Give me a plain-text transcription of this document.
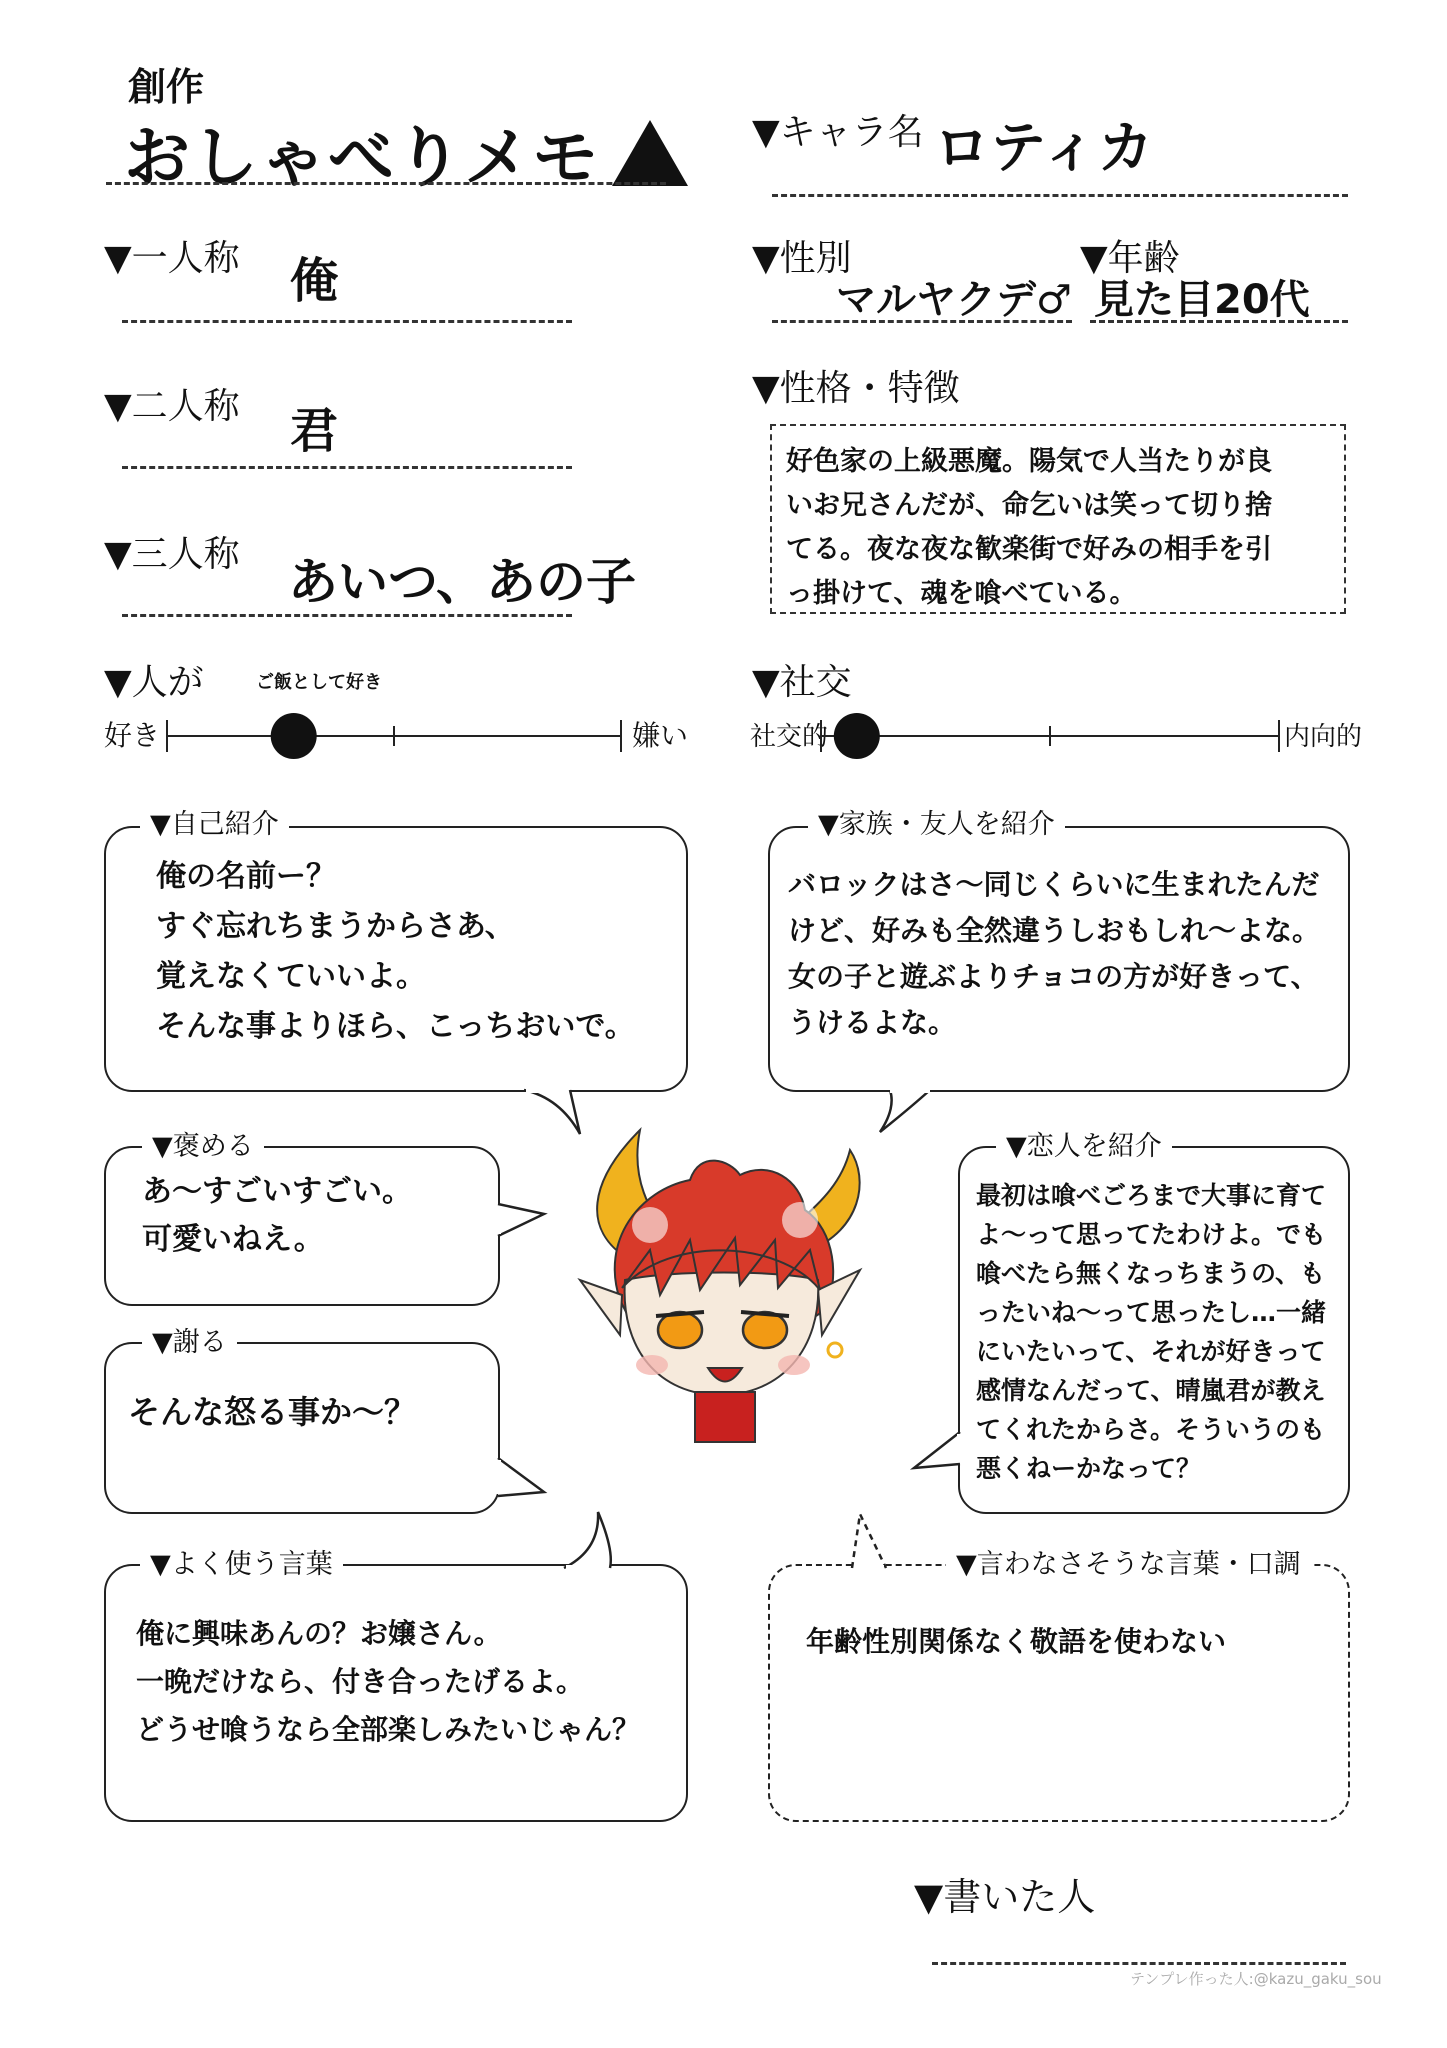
創作
おしゃべりメモ	▼キャラ名 ロティカ
▼一人称 俺
▼二人称 君
▼三人称 あいつ、あの子
▼性別
マルヤクデ♂
▼年齢
見た目20代
▼性格・特徴
好色家の上級悪魔。陽気で人当たりが良
いお兄さんだが、命乞いは笑って切り捨
てる。夜な夜な歓楽街で好みの相手を引
っ掛けて、魂を喰べている。
▼人が	ご飯として好き
好き	嫌い
▼社交
社交的	内向的
▼自己紹介
俺の名前ー？
すぐ忘れちまうからさあ、
覚えなくていいよ。
そんな事よりほら、こっちおいで。
▼家族・友人を紹介
バロックはさ～同じくらいに生まれたんだ
けど、好みも全然違うしおもしれ～よな。
女の子と遊ぶよりチョコの方が好きって、
うけるよな。
▼褒める
あ～すごいすごい。
可愛いねえ。
▼謝る
そんな怒る事か～？
▼恋人を紹介
最初は喰べごろまで大事に育て
よ～って思ってたわけよ。でも
喰べたら無くなっちまうの、も
ったいね～って思ったし…一緒
にいたいって、それが好きって
感情なんだって、晴嵐君が教え
てくれたからさ。そういうのも
悪くねーかなって？
▼よく使う言葉
俺に興味あんの？お嬢さん。
一晩だけなら、付き合ったげるよ。
どうせ喰うなら全部楽しみたいじゃん？
▼言わなさそうな言葉・口調
年齢性別関係なく敬語を使わない
▼書いた人
テンプレ作った人:@kazu_gaku_sou
